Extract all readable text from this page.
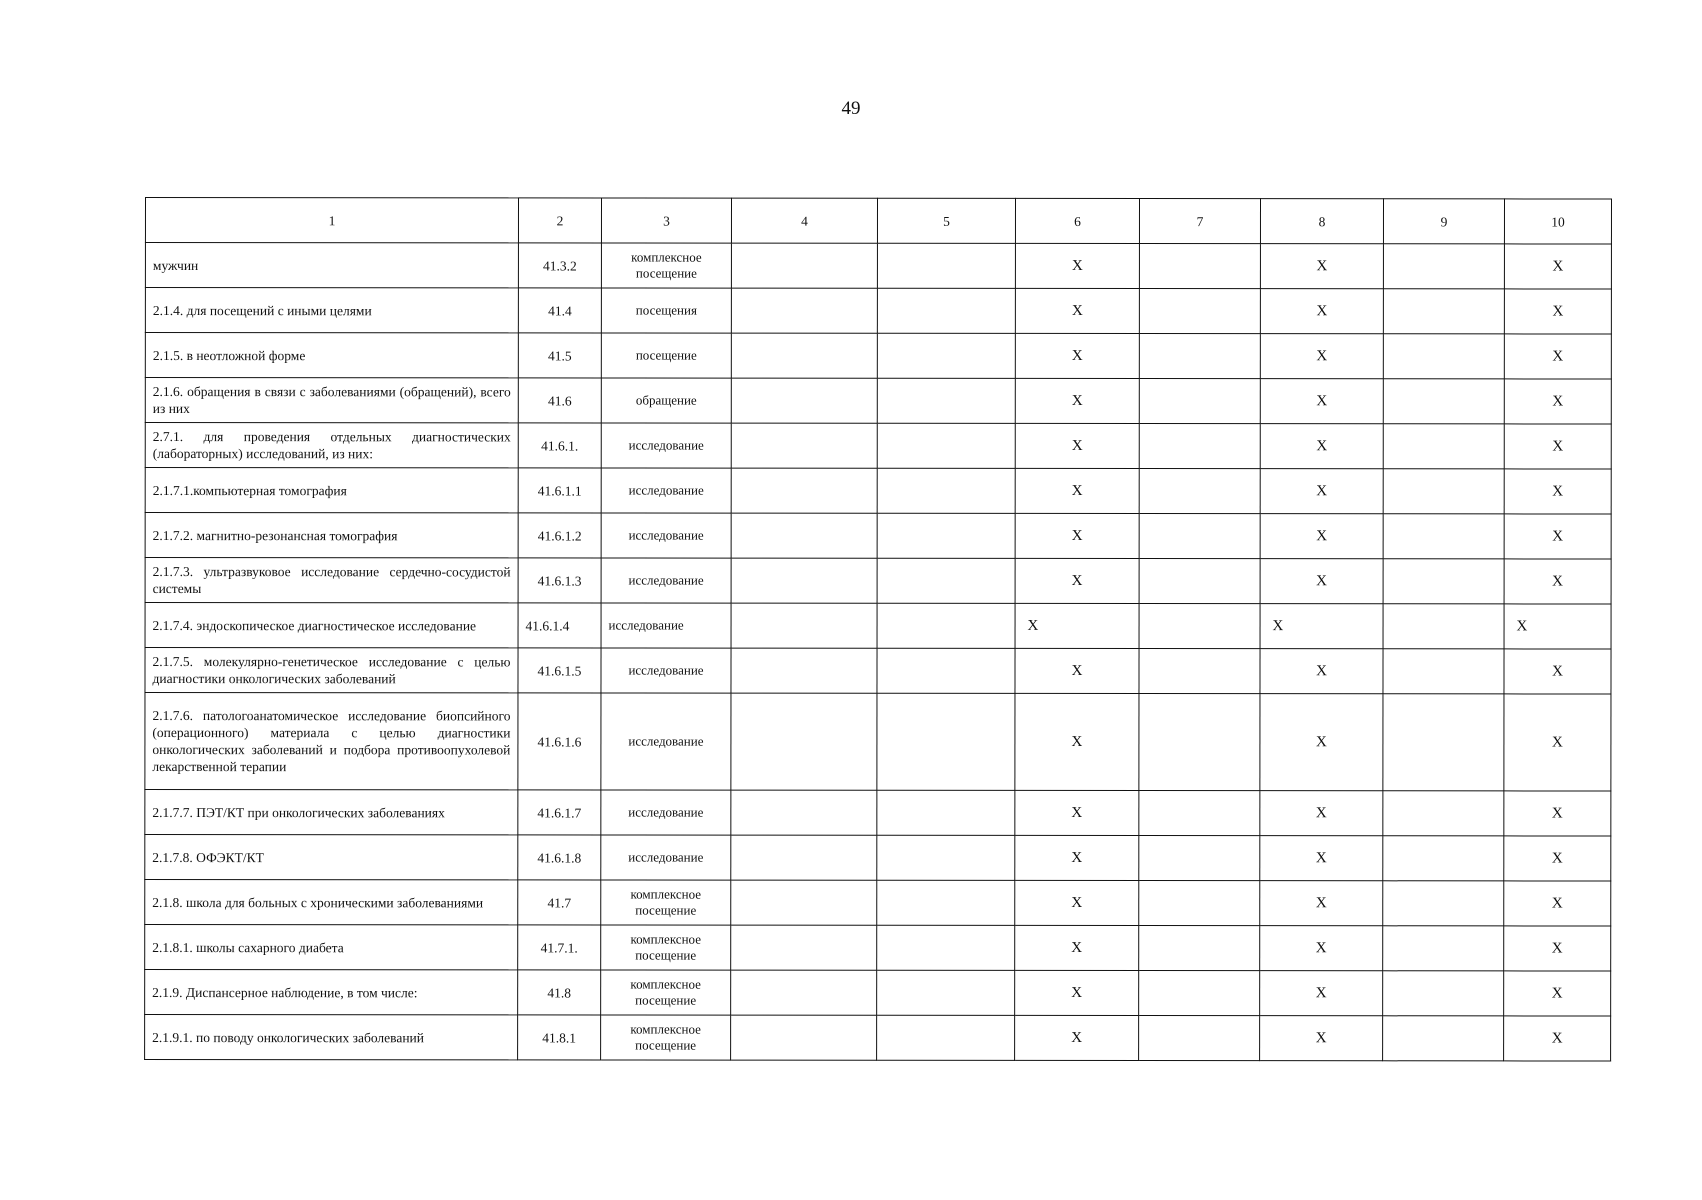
49
1	2	3	4	5	6	7	8	9	10
мужчин	41.3.2	комплексное посещение			X		X		X
2.1.4. для посещений с иными целями	41.4	посещения			X		X		X
2.1.5. в неотложной форме	41.5	посещение			X		X		X
2.1.6. обращения в связи с заболеваниями (обращений), всего из них	41.6	обращение			X		X		X
2.7.1. для проведения отдельных диагностических (лабораторных) исследований, из них:	41.6.1.	исследование			X		X		X
2.1.7.1.компьютерная томография	41.6.1.1	исследование			X		X		X
2.1.7.2. магнитно-резонансная томография	41.6.1.2	исследование			X		X		X
2.1.7.3. ультразвуковое исследование сердечно-сосудистой системы	41.6.1.3	исследование			X		X		X
2.1.7.4. эндоскопическое диагностическое исследование	41.6.1.4	исследование			X		X		X
2.1.7.5. молекулярно-генетическое исследование с целью диагностики онкологических заболеваний	41.6.1.5	исследование			X		X		X
2.1.7.6. патологоанатомическое исследование биопсийного (операционного) материала с целью диагностики онкологических заболеваний и подбора противоопухолевой лекарственной терапии	41.6.1.6	исследование			X		X		X
2.1.7.7. ПЭТ/КТ при онкологических заболеваниях	41.6.1.7	исследование			X		X		X
2.1.7.8. ОФЭКТ/КТ	41.6.1.8	исследование			X		X		X
2.1.8. школа для больных с хроническими заболеваниями	41.7	комплексное посещение			X		X		X
2.1.8.1. школы сахарного диабета	41.7.1.	комплексное посещение			X		X		X
2.1.9. Диспансерное наблюдение, в том числе:	41.8	комплексное посещение			X		X		X
2.1.9.1. по поводу онкологических заболеваний	41.8.1	комплексное посещение			X		X		X
